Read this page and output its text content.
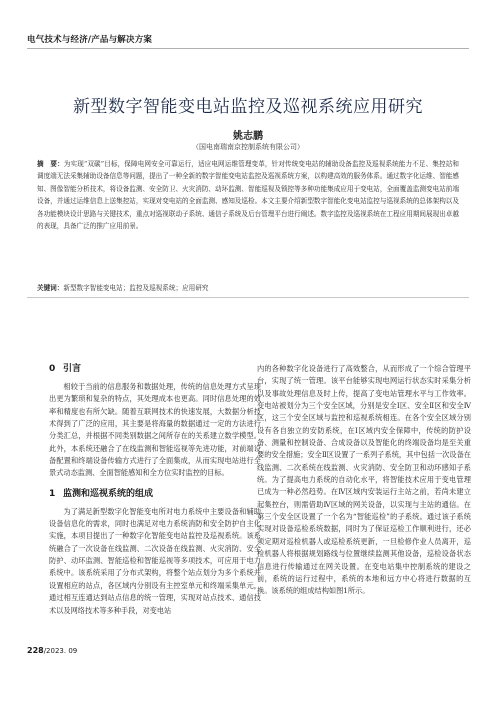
电气技术与经济/产品与解决方案
新型数字智能变电站监控及巡视系统应用研究
姚志鹏
（国电南瑞南京控制系统有限公司）
摘　要：为实现“双碳”目标，保障电网安全可靠运行，适应电网运维管理变革，针对传统变电站的辅助设备监控及巡视系统能力不足、集控站和调度端无法采集辅助设备信息等问题，提出了一种全新的数字智能变电站监控及巡视系统方案，以构建高效的服务体系。通过数字化运维、智能感知、图像智能分析技术，将设备监测、安全防卫、火灾消防、动环监测、智能巡视及锁控等多种功能集成应用于变电站，全面覆盖监测变电站前端设备，并通过运维信息上送集控站，实现对变电站的全面监测、感知及巡检。本文主要介绍新型数字智能化变电站监控与巡视系统的总体架构以及各功能模块设计思路与关键技术，重点对巡视联动子系统、通信子系统及后台管理平台进行阐述。数字监控及巡视系统在工程应用期间展现出卓越的表现，具备广泛的推广应用前景。
关键词：新型数字智能变电站；监控及巡视系统；应用研究
0 引言

相较于当前的信息服务和数据处理，传统的信息处理方式呈现出更为繁琐和复杂的特点，其处理成本也更高。同时信息处理的效率和精度也有所欠缺。随着互联网技术的快速发展，大数据分析技术得到了广泛的应用，其主要是将海量的数据通过一定的方法进行分类汇总，并根据不同类别数据之间所存在的关系建立数学模型。此外，本系统还融合了在线监测和智能巡视等先进功能，对前端设备配置和终端设备传输方式进行了全面集成，从而实现电站进行全景式动态监测、全面智能感知和全方位实时监控的目标。

1 监测和巡视系统的组成

为了满足新型数字化智能变电所对电力系统中主要设备和辅助设备信息化的需求，同时也满足对电力系统消防和安全防护自主化实施，本项目提出了一种数字化智能变电站监控及巡视系统。该系统融合了一次设备在线监测、二次设备在线监测、火灾消防、安全防护、动环监测、智能巡检和智能巡视等多项技术，可应用于电力系统中。该系统采用了分布式架构，将整个站点划分为多个系统并设置相应的站点，各区域内分别设有主控室单元和终端采集单元，通过相互连通达到站点信息的统一管理，实现对站点技术、通信技术以及网络技术等多种手段，对变电站

内的各种数字化设备进行了高效整合，从而形成了一个综合管理平台，实现了统一管理。该平台能够实现电网运行状态实时采集分析以及事故处理信息及时上传，提高了变电站管理水平与工作效率。变电站被划分为三个安全区域，分别是安全Ⅰ区、安全Ⅱ区和安全Ⅳ区，这三个安全区域与监控和巡视系统相连。在各个安全区域分别设有各自独立的安防系统，在Ⅰ区域内安全保障中，传统的防护设备、测量和控制设备、合成设备以及智能化的终端设备均是至关重要的安全措施；安全Ⅱ区设置了一系列子系统，其中包括一次设备在线监测、二次系统在线监测、火灾消防、安全防卫和动环感知子系统。为了提高电力系统的自动化水平，将智能技术应用于变电管理已成为一种必然趋势。在Ⅳ区域内安装运行主站之前，若尚未建立起集控台，则需借助Ⅳ区域的网关设备，以实现与主站的通信。在第三个安全区设置了一个名为“智能巡检”的子系统。通过该子系统实现对设备巡检系统数据，同时为了保证巡检工作顺利进行，还必须定期对巡检机器人或巡检系统更新，一旦检修作业人员离开，巡检机器人将根据规划路线与位置继续监测其他设备，巡检设备状态信息进行传输通过在网关设置。在变电站集中控制系统的建设之前，系统的运行过程中，系统的本地和远方中心将进行数据的互换。该系统的组成结构如图1所示。

228/2023. 09
